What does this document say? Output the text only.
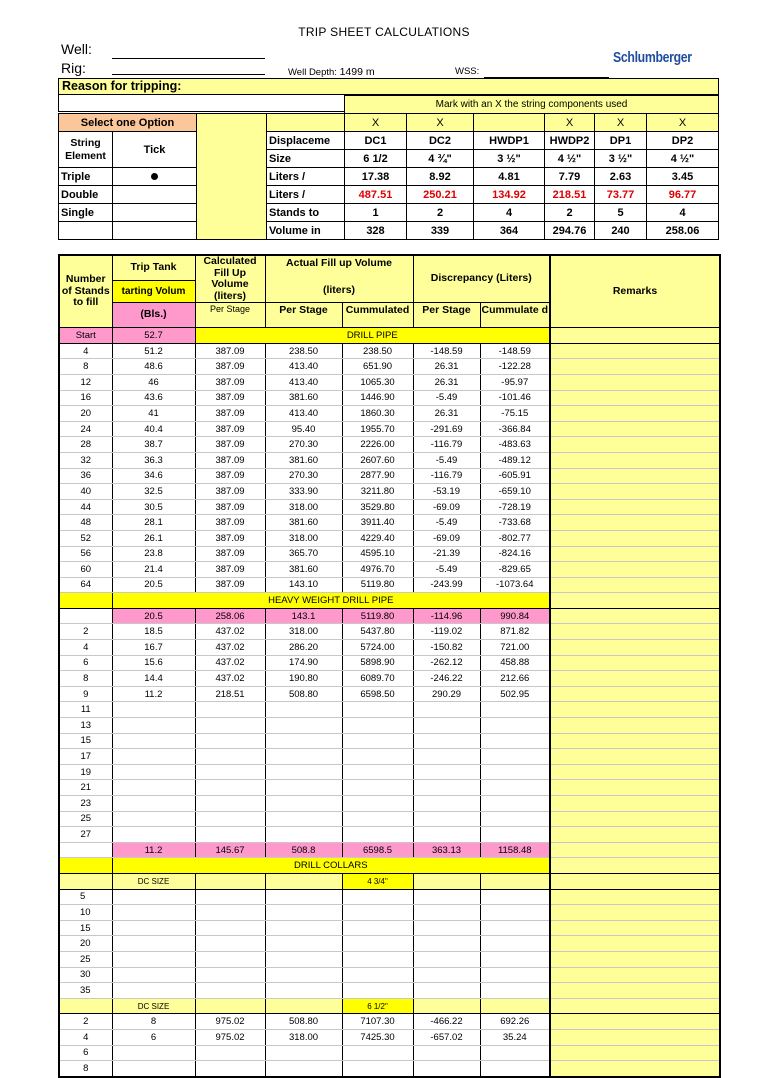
TRIP SHEET CALCULATIONS
Well:
Rig:	Well Depth: 1499 m	WSS:
Schlumberger
Reason for tripping:
				Mark with an X the string components used					
Select one Option				X	X		X	X	X
String Element	Tick		Displaceme	DC1	DC2	HWDP1	HWDP2	DP1	DP2
			Size	6 1/2	4 ¾"	3 ½"	4 ½"	3 ½"	4 ½"
Triple			Liters /	17.38	8.92	4.81	7.79	2.63	3.45
Double			Liters /	487.51	250.21	134.92	218.51	73.77	96.77
Single			Stands to	1	2	4	2	5	4
			Volume in	328	339	364	294.76	240	258.06
Number of Stands to fill	Trip Tank	Calculated Fill Up Volume (liters)	Actual Fill up Volume		Discrepancy (Liters)		Remarks
	tarting Volum		(liters)				
	(Bls.)	Per Stage	Per Stage	Cummulated	Per Stage	Cummulate d	
Start	52.7	DRILL PIPE					
4	51.2	387.09	238.50	238.50	-148.59	-148.59	
8	48.6	387.09	413.40	651.90	26.31	-122.28	
12	46	387.09	413.40	1065.30	26.31	-95.97	
16	43.6	387.09	381.60	1446.90	-5.49	-101.46	
20	41	387.09	413.40	1860.30	26.31	-75.15	
24	40.4	387.09	95.40	1955.70	-291.69	-366.84	
28	38.7	387.09	270.30	2226.00	-116.79	-483.63	
32	36.3	387.09	381.60	2607.60	-5.49	-489.12	
36	34.6	387.09	270.30	2877.90	-116.79	-605.91	
40	32.5	387.09	333.90	3211.80	-53.19	-659.10	
44	30.5	387.09	318.00	3529.80	-69.09	-728.19	
48	28.1	387.09	381.60	3911.40	-5.49	-733.68	
52	26.1	387.09	318.00	4229.40	-69.09	-802.77	
56	23.8	387.09	365.70	4595.10	-21.39	-824.16	
60	21.4	387.09	381.60	4976.70	-5.49	-829.65	
64	20.5	387.09	143.10	5119.80	-243.99	-1073.64	
	HEAVY WEIGHT DRILL PIPE						
	20.5	258.06	143.1	5119.80	-114.96	990.84	
2	18.5	437.02	318.00	5437.80	-119.02	871.82	
4	16.7	437.02	286.20	5724.00	-150.82	721.00	
6	15.6	437.02	174.90	5898.90	-262.12	458.88	
8	14.4	437.02	190.80	6089.70	-246.22	212.66	
9	11.2	218.51	508.80	6598.50	290.29	502.95	
11							
13							
15							
17							
19							
21							
23							
25							
27							
	11.2	145.67	508.8	6598.5	363.13	1158.48	
	DRILL COLLARS						
	DC SIZE			4 3/4"			
5							
10							
15							
20							
25							
30							
35							
	DC SIZE			6 1/2"			
2	8	975.02	508.80	7107.30	-466.22	692.26	
4	6	975.02	318.00	7425.30	-657.02	35.24	
6							
8							
